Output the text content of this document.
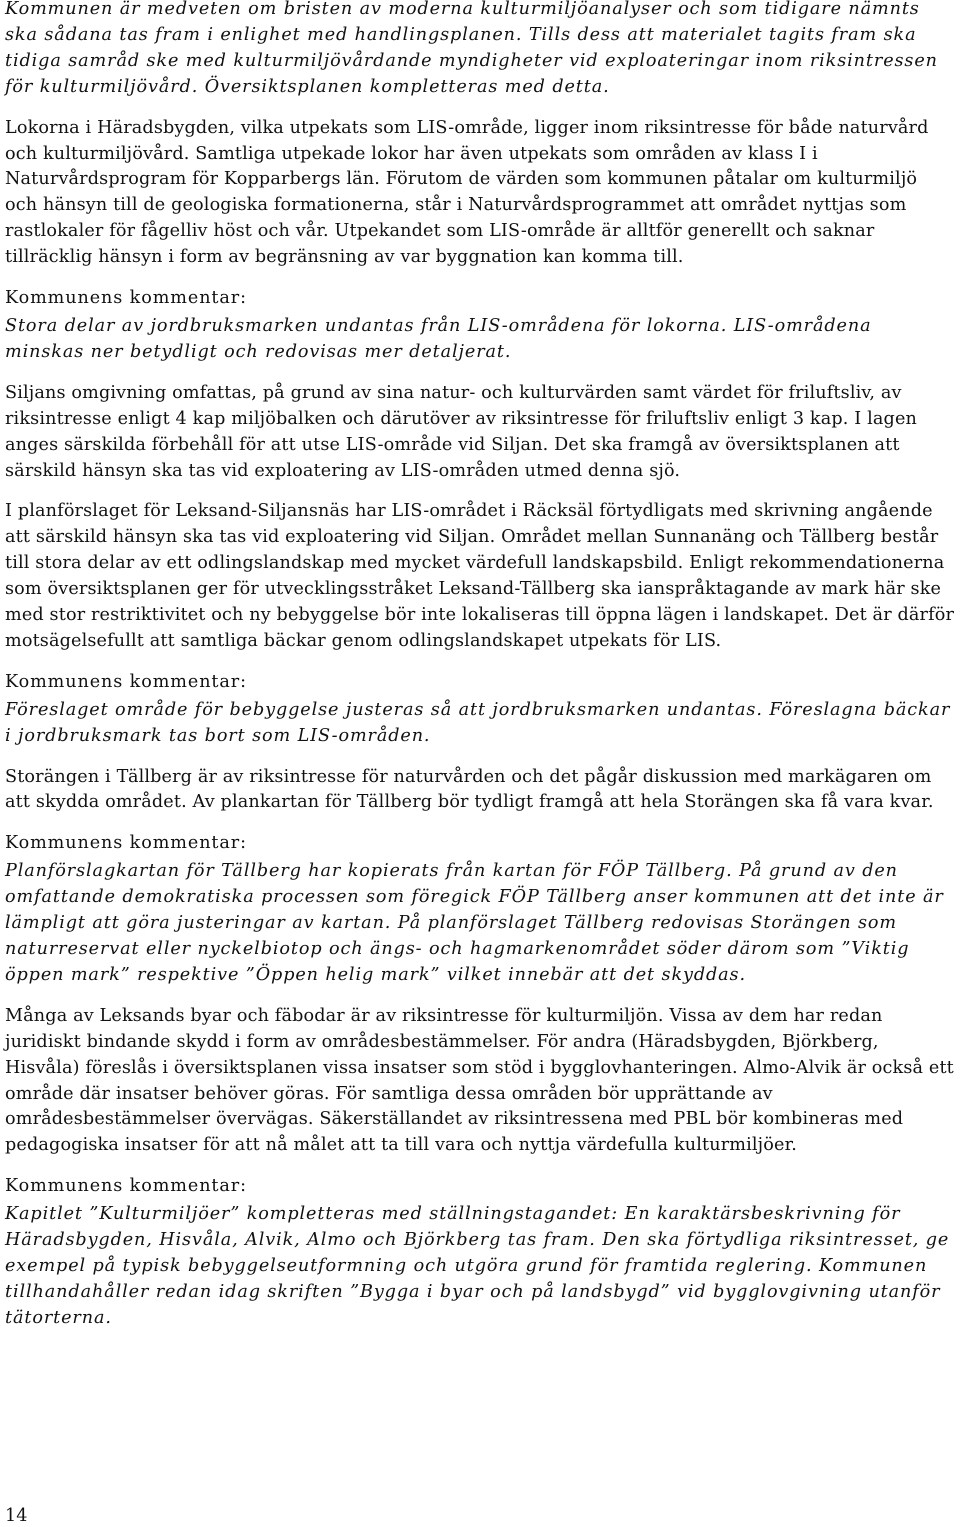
Kommunen är medveten om bristen av moderna kulturmiljöanalyser och som tidigare nämnts ska sådana tas fram i enlighet med handlingsplanen. Tills dess att materialet tagits fram ska tidiga samråd ske med kulturmiljövårdande myndigheter vid exploateringar inom riksintressen för kulturmiljövård. Översiktsplanen kompletteras med detta.

Lokorna i Häradsbygden, vilka utpekats som LIS-område, ligger inom riksintresse för både naturvård och kulturmiljövård. Samtliga utpekade lokor har även utpekats som områden av klass I i Naturvårdsprogram för Kopparbergs län. Förutom de värden som kommunen påtalar om kulturmiljö och hänsyn till de geologiska formationerna, står i Naturvårdsprogrammet att området nyttjas som rastlokaler för fågelliv höst och vår. Utpekandet som LIS-område är alltför generellt och saknar tillräcklig hänsyn i form av begränsning av var byggnation kan komma till.

Kommunens kommentar:

Stora delar av jordbruksmarken undantas från LIS-områdena för lokorna. LIS-områdena minskas ner betydligt och redovisas mer detaljerat.

Siljans omgivning omfattas, på grund av sina natur- och kulturvärden samt värdet för friluftsliv, av riksintresse enligt 4 kap miljöbalken och därutöver av riksintresse för friluftsliv enligt 3 kap. I lagen anges särskilda förbehåll för att utse LIS-område vid Siljan. Det ska framgå av översiktsplanen att särskild hänsyn ska tas vid exploatering av LIS-områden utmed denna sjö.

I planförslaget för Leksand-Siljansnäs har LIS-området i Räcksäl förtydligats med skrivning angående att särskild hänsyn ska tas vid exploatering vid Siljan. Området mellan Sunnanäng och Tällberg består till stora delar av ett odlingslandskap med mycket värdefull landskapsbild. Enligt rekommendationerna som översiktsplanen ger för utvecklingsstråket Leksand-Tällberg ska ianspråktagande av mark här ske med stor restriktivitet och ny bebyggelse bör inte lokaliseras till öppna lägen i landskapet. Det är därför motsägelsefullt att samtliga bäckar genom odlingslandskapet utpekats för LIS.

Kommunens kommentar:

Föreslaget område för bebyggelse justeras så att jordbruksmarken undantas. Föreslagna bäckar i jordbruksmark tas bort som LIS-områden.

Storängen i Tällberg är av riksintresse för naturvården och det pågår diskussion med markägaren om att skydda området. Av plankartan för Tällberg bör tydligt framgå att hela Storängen ska få vara kvar.

Kommunens kommentar:

Planförslagkartan för Tällberg har kopierats från kartan för FÖP Tällberg. På grund av den omfattande demokratiska processen som föregick FÖP Tällberg anser kommunen att det inte är lämpligt att göra justeringar av kartan. På planförslaget Tällberg redovisas Storängen som naturreservat eller nyckelbiotop och ängs- och hagmarkenområdet söder därom som ”Viktig öppen mark” respektive ”Öppen helig mark” vilket innebär att det skyddas.

Många av Leksands byar och fäbodar är av riksintresse för kulturmiljön. Vissa av dem har redan juridiskt bindande skydd i form av områdesbestämmelser. För andra (Häradsbygden, Björkberg, Hisvåla) föreslås i översiktsplanen vissa insatser som stöd i bygglovhanteringen. Almo-Alvik är också ett område där insatser behöver göras. För samtliga dessa områden bör upprättande av områdesbestämmelser övervägas. Säkerställandet av riksintressena med PBL bör kombineras med pedagogiska insatser för att nå målet att ta till vara och nyttja värdefulla kulturmiljöer.

Kommunens kommentar:

Kapitlet ”Kulturmiljöer” kompletteras med ställningstagandet: En karaktärsbeskrivning för Häradsbygden, Hisvåla, Alvik, Almo och Björkberg tas fram. Den ska förtydliga riksintresset, ge exempel på typisk bebyggelseutformning och utgöra grund för framtida reglering. Kommunen tillhandahåller redan idag skriften ”Bygga i byar och på landsbygd” vid bygglovgivning utanför tätorterna.

14
